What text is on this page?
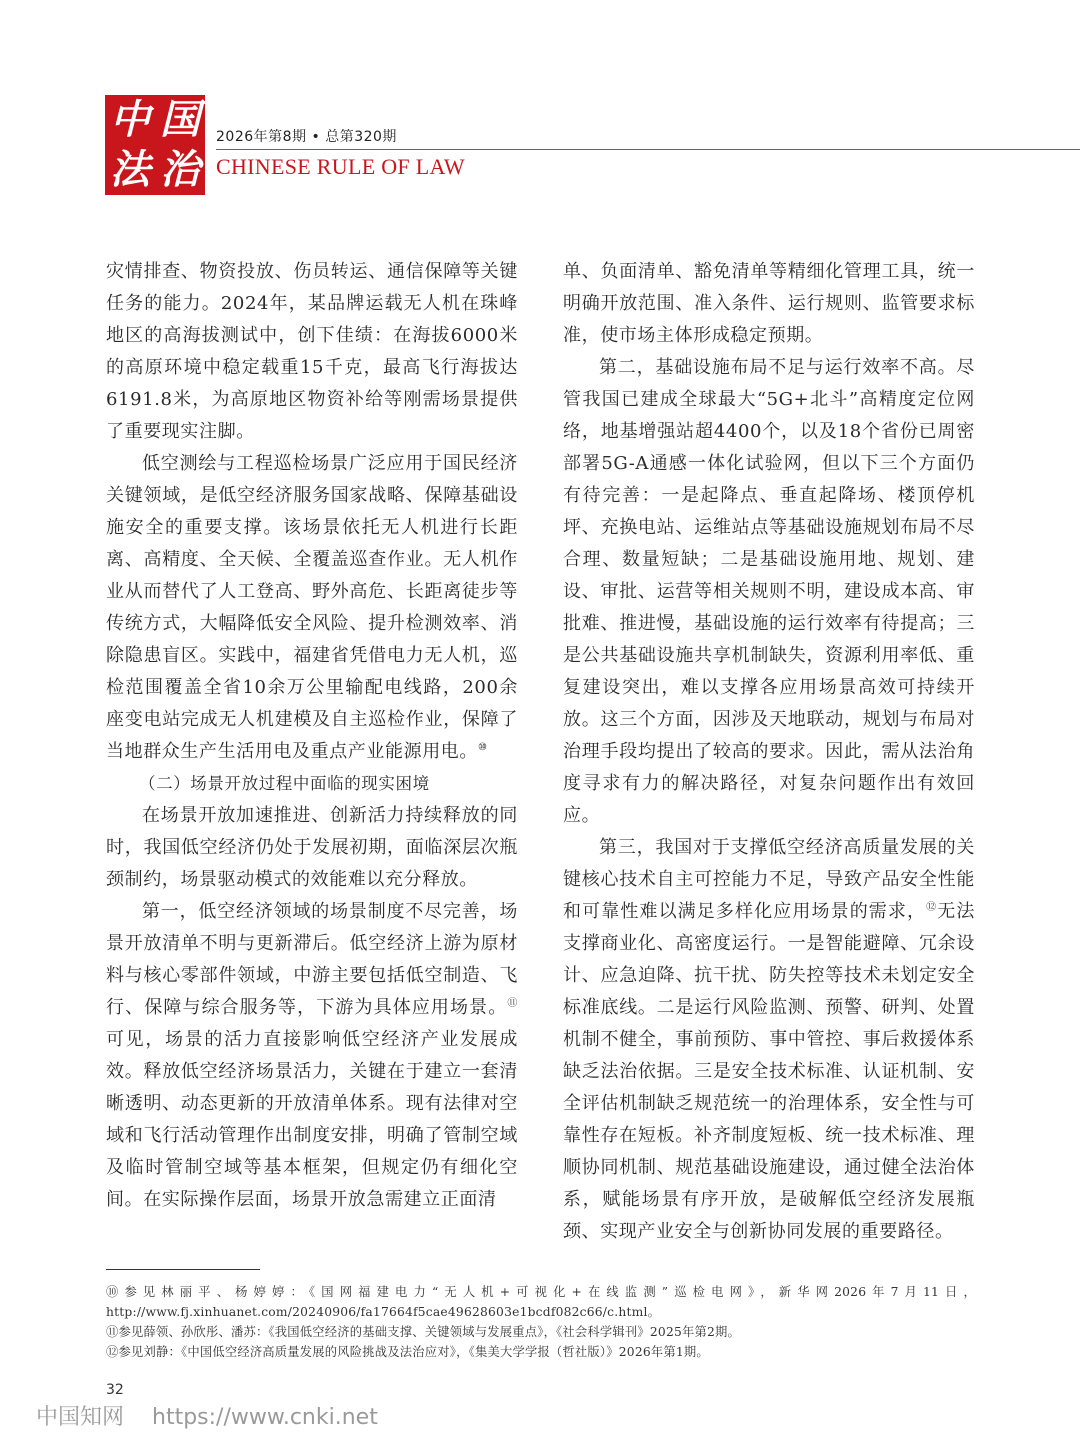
中 国
法 治
2026年第8期 • 总第320期
CHINESE RULE OF LAW

灾情排查、物资投放、伤员转运、通信保障等关键任务的能力。2024年，某品牌运载无人机在珠峰地区的高海拔测试中，创下佳绩：在海拔6000米的高原环境中稳定载重15千克，最高飞行海拔达6191.8米，为高原地区物资补给等刚需场景提供了重要现实注脚。

低空测绘与工程巡检场景广泛应用于国民经济关键领域，是低空经济服务国家战略、保障基础设施安全的重要支撑。该场景依托无人机进行长距离、高精度、全天候、全覆盖巡查作业。无人机作业从而替代了人工登高、野外高危、长距离徒步等传统方式，大幅降低安全风险、提升检测效率、消除隐患盲区。实践中，福建省凭借电力无人机，巡检范围覆盖全省10余万公里输配电线路，200余座变电站完成无人机建模及自主巡检作业，保障了当地群众生产生活用电及重点产业能源用电。⑩

（二）场景开放过程中面临的现实困境

在场景开放加速推进、创新活力持续释放的同时，我国低空经济仍处于发展初期，面临深层次瓶颈制约，场景驱动模式的效能难以充分释放。

第一，低空经济领域的场景制度不尽完善，场景开放清单不明与更新滞后。低空经济上游为原材料与核心零部件领域，中游主要包括低空制造、飞行、保障与综合服务等，下游为具体应用场景。⑪可见，场景的活力直接影响低空经济产业发展成效。释放低空经济场景活力，关键在于建立一套清晰透明、动态更新的开放清单体系。现有法律对空域和飞行活动管理作出制度安排，明确了管制空域及临时管制空域等基本框架，但规定仍有细化空间。在实际操作层面，场景开放急需建立正面清

单、负面清单、豁免清单等精细化管理工具，统一明确开放范围、准入条件、运行规则、监管要求标准，使市场主体形成稳定预期。

第二，基础设施布局不足与运行效率不高。尽管我国已建成全球最大“5G+北斗”高精度定位网络，地基增强站超4400个，以及18个省份已周密部署5G-A通感一体化试验网，但以下三个方面仍有待完善：一是起降点、垂直起降场、楼顶停机坪、充换电站、运维站点等基础设施规划布局不尽合理、数量短缺；二是基础设施用地、规划、建设、审批、运营等相关规则不明，建设成本高、审批难、推进慢，基础设施的运行效率有待提高；三是公共基础设施共享机制缺失，资源利用率低、重复建设突出，难以支撑各应用场景高效可持续开放。这三个方面，因涉及天地联动，规划与布局对治理手段均提出了较高的要求。因此，需从法治角度寻求有力的解决路径，对复杂问题作出有效回应。

第三，我国对于支撑低空经济高质量发展的关键核心技术自主可控能力不足，导致产品安全性能和可靠性难以满足多样化应用场景的需求，⑫无法支撑商业化、高密度运行。一是智能避障、冗余设计、应急迫降、抗干扰、防失控等技术未划定安全标准底线。二是运行风险监测、预警、研判、处置机制不健全，事前预防、事中管控、事后救援体系缺乏法治依据。三是安全技术标准、认证机制、安全评估机制缺乏规范统一的治理体系，安全性与可靠性存在短板。补齐制度短板、统一技术标准、理顺协同机制、规范基础设施建设，通过健全法治体系，赋能场景有序开放，是破解低空经济发展瓶颈、实现产业安全与创新协同发展的重要路径。

⑩参见林丽平、杨婷婷：《国网福建电力“无人机+可视化+在线监测”巡检电网》，新华网2026年7月11日，http://www.fj.xinhuanet.com/20240906/fa17664f5cae49628603e1bcdf082c66/c.html。

⑪参见薛领、孙欣彤、潘苏：《我国低空经济的基础支撑、关键领域与发展重点》，《社会科学辑刊》2025年第2期。

⑫参见刘静：《中国低空经济高质量发展的风险挑战及法治应对》，《集美大学学报（哲社版）》2026年第1期。

32
中国知网 https://www.cnki.net
